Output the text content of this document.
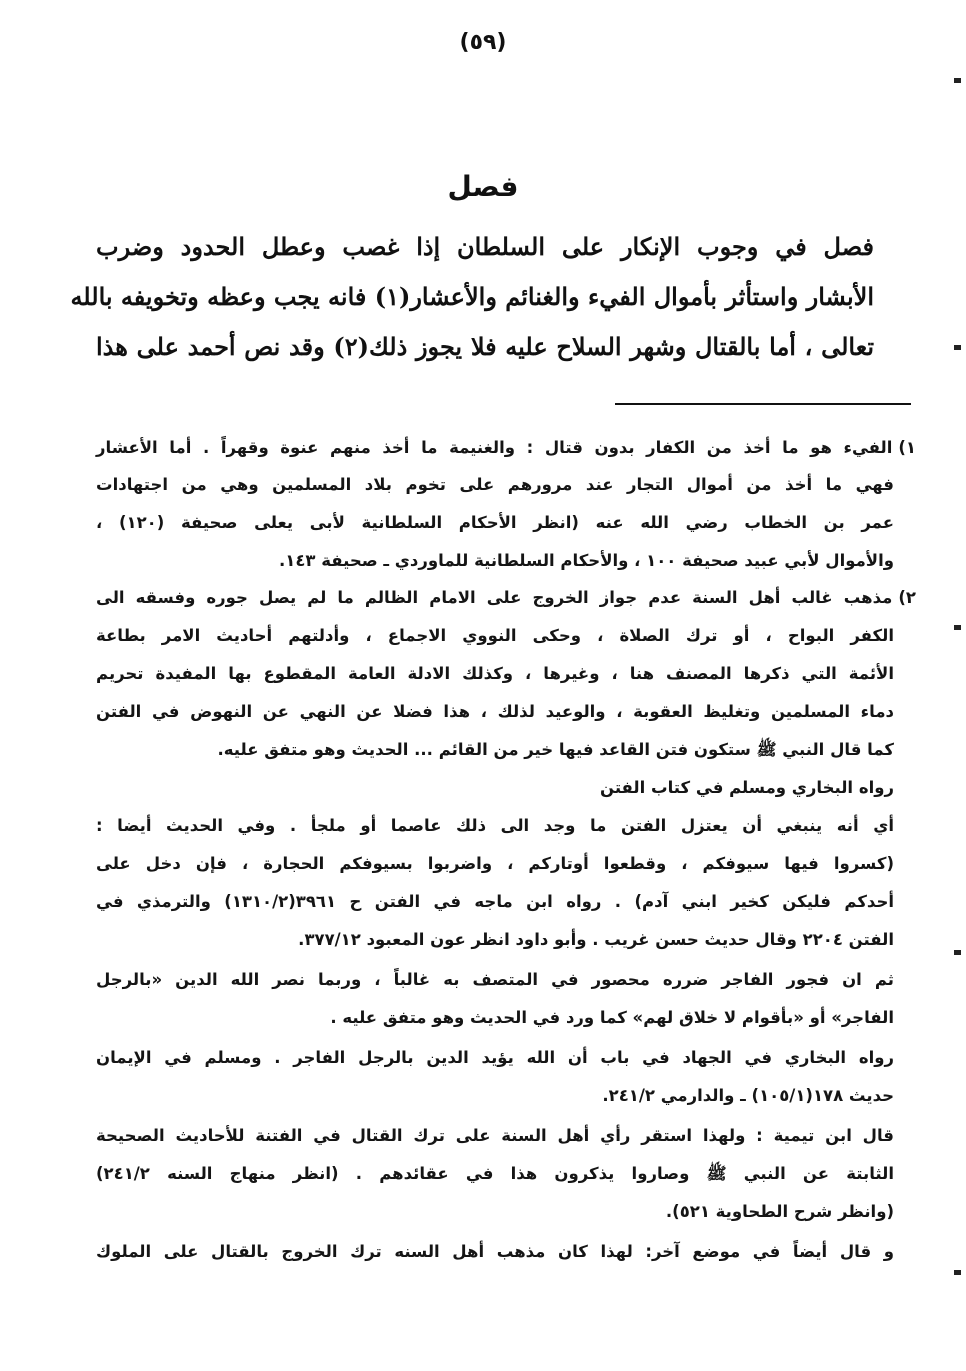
(٥٩)
فصل
فصل في وجوب الإنكار على السلطان إذا غصب وعطل الحدود وضرب
الأبشار واستأثر بأموال الفيء والغنائم والأعشار(١) فانه يجب وعظه وتخويفه بالله
تعالى ، أما بالقتال وشهر السلاح عليه فلا يجوز ذلك(٢) وقد نص أحمد على هذا
١)الفيء هو ما أخذ من الكفار بدون قتال : والغنيمة ما أخذ منهم عنوة وقهراً . أما الأعشار
فهي ما أخذ من أموال التجار عند مرورهم على تخوم بلاد المسلمين وهي من اجتهادات
عمر بن الخطاب رضي الله عنه (انظر الأحكام السلطانية لأبى يعلى صحيفة (١٢٠) ،
والأموال لأبي عبيد صحيفة ١٠٠ ، والأحكام السلطانية للماوردي ـ صحيفة ١٤٣.
٢)مذهب غالب أهل السنة عدم جواز الخروج على الامام الظالم ما لم يصل جوره وفسقه الى
الكفر البواح ، أو ترك الصلاة ، وحكى النووي الاجماع ، وأدلتهم أحاديث الامر بطاعة
الأئمة التي ذكرها المصنف هنا ، وغيرها ، وكذلك الادلة العامة المقطوع بها المفيدة تحريم
دماء المسلمين وتغليظ العقوبة ، والوعيد لذلك ، هذا فضلا عن النهي عن النهوض في الفتن
كما قال النبي ﷺ ستكون فتن القاعد فيها خير من القائم ... الحديث وهو متفق عليه.
رواه البخاري ومسلم في كتاب الفتن
أي أنه ينبغي أن يعتزل الفتن ما وجد الى ذلك عاصما أو ملجأ . وفي الحديث أيضا :
(كسروا فيها سيوفكم ، وقطعوا أوتاركم ، واضربوا بسيوفكم الحجارة ، فإن دخل على
أحدكم فليكن كخير ابني آدم) . رواه ابن ماجه في الفتن ح ٣٩٦١(١٣١٠/٢) والترمذي في
الفتن ٢٢٠٤ وقال حديث حسن غريب . وأبو داود انظر عون المعبود ٣٧٧/١٢.
ثم ان فجور الفاجر ضرره محصور في المتصف به غالباً ، وربما نصر الله الدين «بالرجل
الفاجر» أو «بأقوام لا خلاق لهم» كما ورد في الحديث وهو متفق عليه .
رواه البخاري في الجهاد في باب أن الله يؤيد الدين بالرجل الفاجر . ومسلم في الإيمان
حديث ١٧٨(١٠٥/١) ـ والدارمي ٢٤١/٢.
قال ابن تيمية : ولهذا استقر رأي أهل السنة على ترك القتال في الفتنة للأحاديث الصحيحة
الثابتة عن النبي ﷺ وصاروا يذكرون هذا في عقائدهم . (انظر منهاج السنه ٢٤١/٢)
(وانظر شرح الطحاوية ٥٢١).
و قال أيضاً في موضع آخر: لهذا كان مذهب أهل السنه ترك الخروج بالقتال على الملوك
